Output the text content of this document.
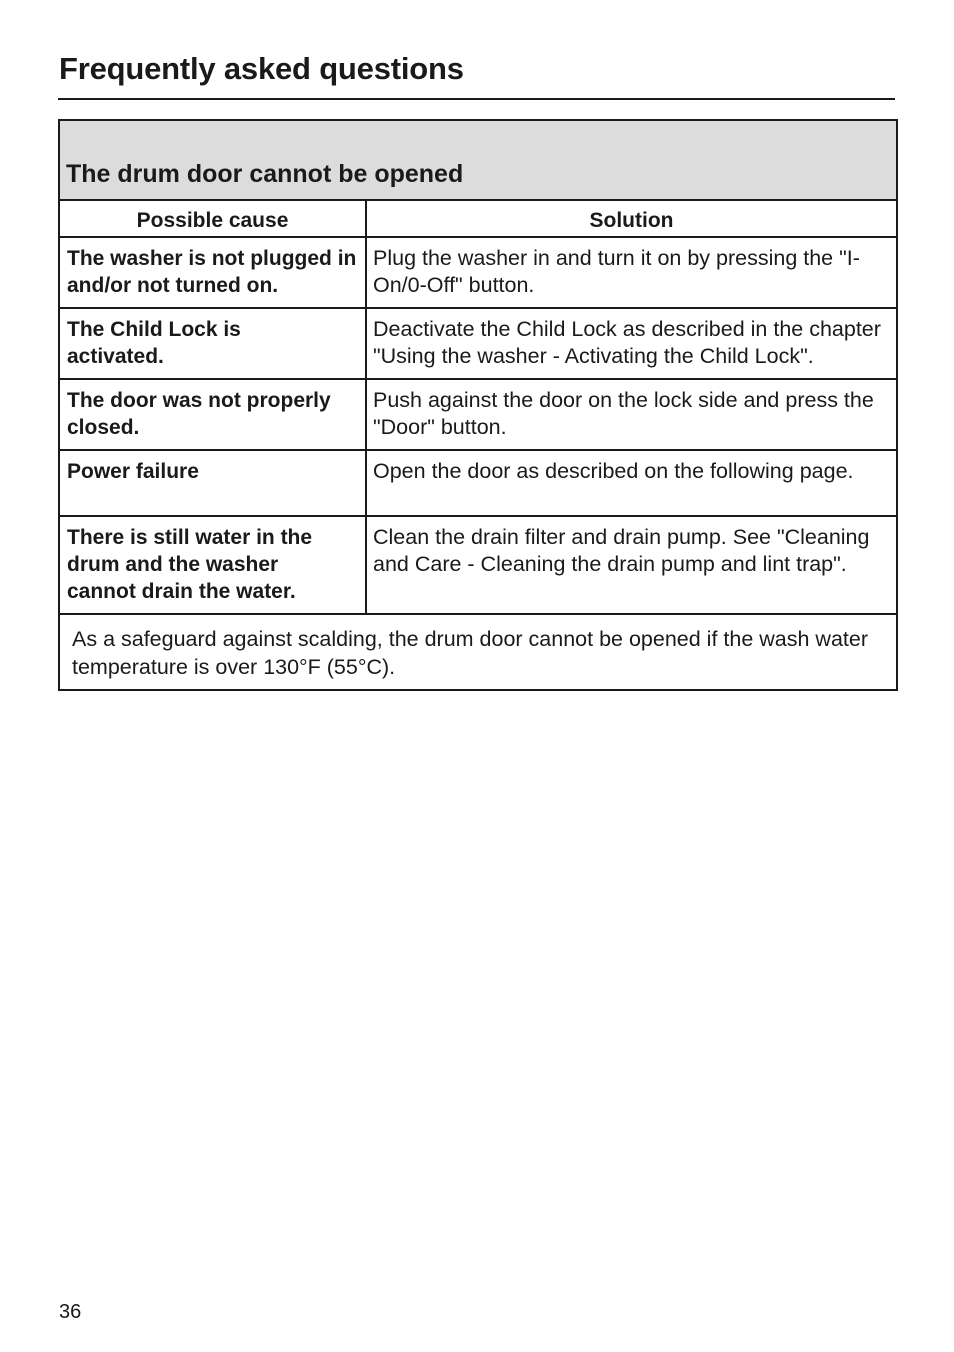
Frequently asked questions
The drum door cannot be opened	
Possible cause	Solution
The washer is not plugged in and/or not turned on.	Plug the washer in and turn it on by pressing the "I-On/0-Off" button.
The Child Lock is activated.	Deactivate the Child Lock as described in the chapter "Using the washer - Activating the Child Lock".
The door was not properly closed.	Push against the door on the lock side and press the "Door" button.
Power failure	Open the door as described on the following page.
There is still water in the drum and the washer cannot drain the water.	Clean the drain filter and drain pump. See "Cleaning and Care - Cleaning the drain pump and lint trap".
As a safeguard against scalding, the drum door cannot be opened if the wash water temperature is over 130°F (55°C).	
36
